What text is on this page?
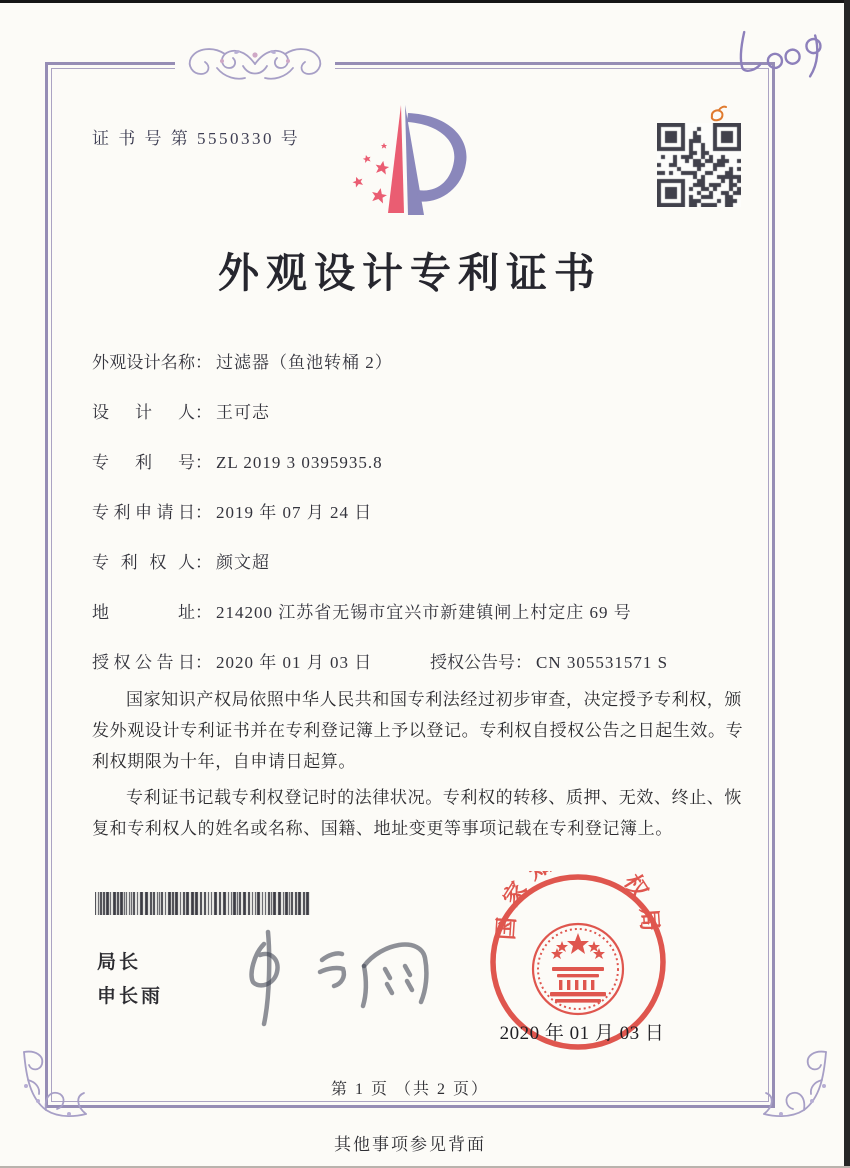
证 书 号 第 5550330 号
外观设计专利证书
外观设计名称： 过滤器（鱼池转桶 2）
设 计 人： 王可志
专 利 号： ZL 2019 3 0395935.8
专利申请日： 2019 年 07 月 24 日
专 利 权 人： 颜文超
地 址： 214200 江苏省无锡市宜兴市新建镇闸上村定庄 69 号
授权公告日： 2020 年 01 月 03 日	授权公告号： CN 305531571 S

国家知识产权局依照中华人民共和国专利法经过初步审查，决定授予专利权，颁发外观设计专利证书并在专利登记簿上予以登记。专利权自授权公告之日起生效。专利权期限为十年，自申请日起算。

专利证书记载专利权登记时的法律状况。专利权的转移、质押、无效、终止、恢复和专利权人的姓名或名称、国籍、地址变更等事项记载在专利登记簿上。

局长
申长雨
国家 权局
2020 年 01 月 03 日
第 1 页 （共 2 页）
其他事项参见背面
